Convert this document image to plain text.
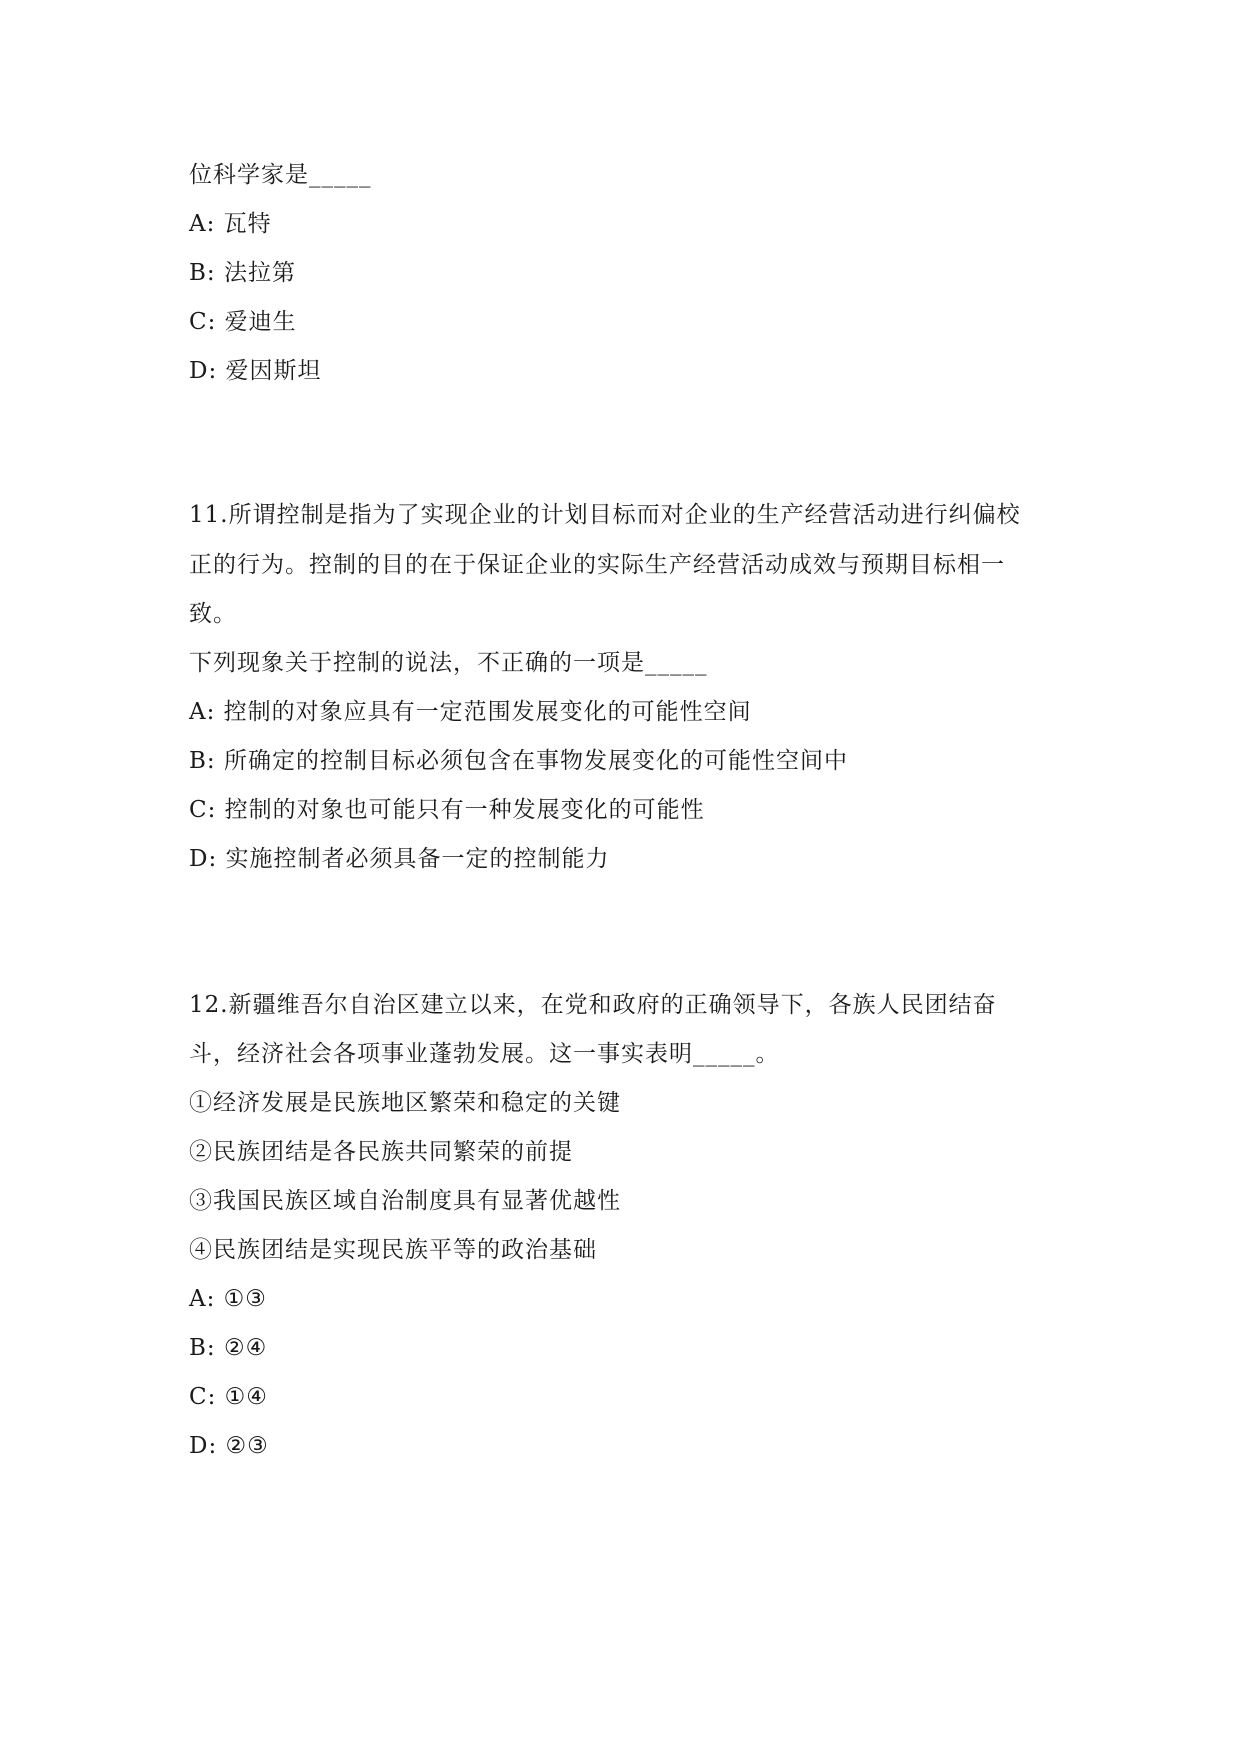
位科学家是_____
A: 瓦特
B: 法拉第
C: 爱迪生
D: 爱因斯坦
11.所谓控制是指为了实现企业的计划目标而对企业的生产经营活动进行纠偏校
正的行为。控制的目的在于保证企业的实际生产经营活动成效与预期目标相一
致。
下列现象关于控制的说法，不正确的一项是_____
A: 控制的对象应具有一定范围发展变化的可能性空间
B: 所确定的控制目标必须包含在事物发展变化的可能性空间中
C: 控制的对象也可能只有一种发展变化的可能性
D: 实施控制者必须具备一定的控制能力
12.新疆维吾尔自治区建立以来，在党和政府的正确领导下，各族人民团结奋
斗，经济社会各项事业蓬勃发展。这一事实表明_____。
①经济发展是民族地区繁荣和稳定的关键
②民族团结是各民族共同繁荣的前提
③我国民族区域自治制度具有显著优越性
④民族团结是实现民族平等的政治基础
A: ①③
B: ②④
C: ①④
D: ②③
